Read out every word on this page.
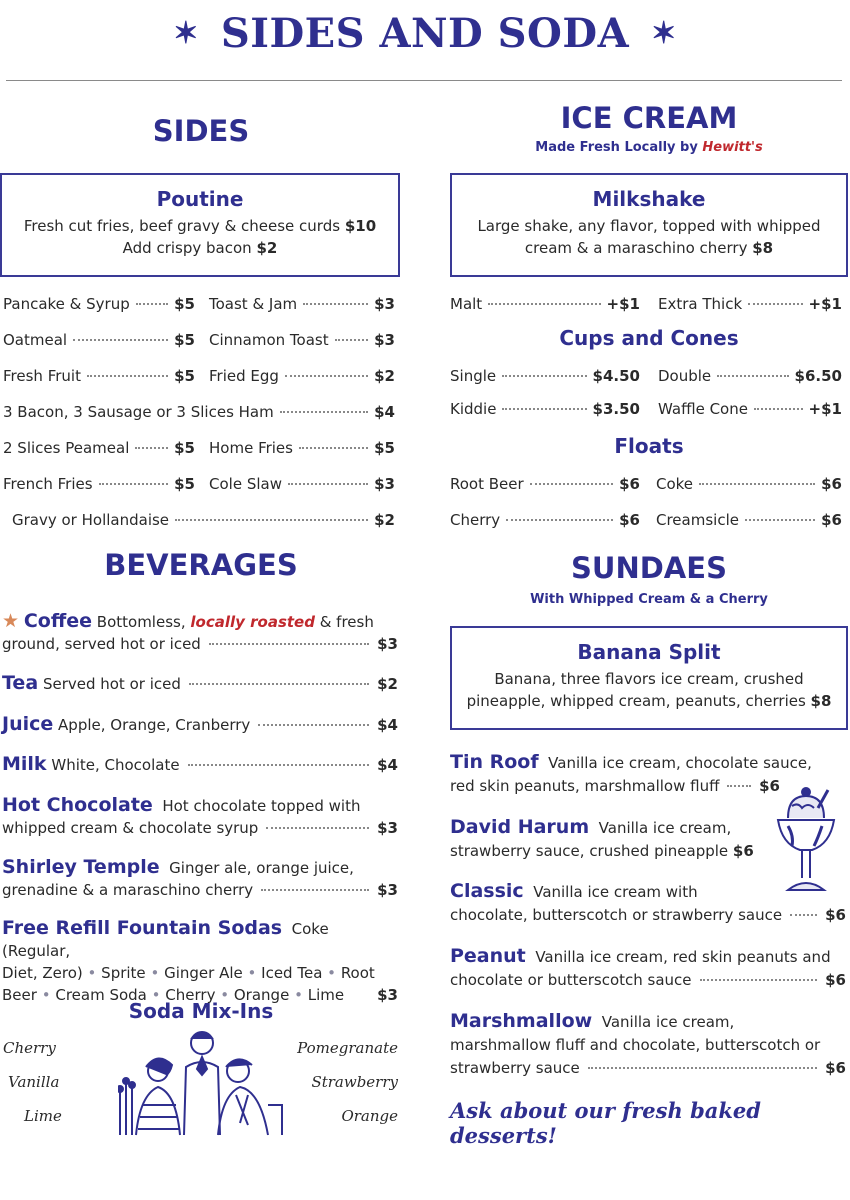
✶ SIDES AND SODA ✶
SIDES
Poutine
Fresh cut fries, beef gravy & cheese curds $10
Add crispy bacon $2
Pancake & Syrup	$5 Toast & Jam	$3
Oatmeal	$5 Cinnamon Toast	$3
Fresh Fruit	$5 Fried Egg	$2
3 Bacon, 3 Sausage or 3 Slices Ham	$4
2 Slices Peameal	$5 Home Fries	$5
French Fries	$5 Cole Slaw	$3
Gravy or Hollandaise	$2
BEVERAGES
★ Coffee Bottomless, locally roasted & fresh
ground, served hot or iced	$3
Tea
Served hot or iced	$2
Juice
Apple, Orange, Cranberry	$4
Milk
White, Chocolate	$4
Hot Chocolate Hot chocolate topped with
whipped cream & chocolate syrup	$3
Shirley Temple Ginger ale, orange juice,
grenadine & a maraschino cherry	$3
Free Refill Fountain Sodas Coke (Regular,
Diet, Zero) • Sprite • Ginger Ale • Iced Tea • Root
Beer • Cream Soda • Cherry • Orange • Lime $3
Soda Mix-Ins
Cherry
Vanilla
Lime
Pomegranate
Strawberry
Orange
ICE CREAM
Made Fresh Locally by Hewitt's
Milkshake
Large shake, any flavor, topped with whipped
cream & a maraschino cherry $8
Malt	+$1 Extra Thick	+$1
Cups and Cones
Single	$4.50 Double	$6.50
Kiddie	$3.50 Waffle Cone	+$1
Floats
Root Beer	$6 Coke	$6
Cherry	$6 Creamsicle	$6
SUNDAES
With Whipped Cream & a Cherry
Banana Split
Banana, three flavors ice cream, crushed
pineapple, whipped cream, peanuts, cherries $8
Tin Roof Vanilla ice cream, chocolate sauce,
red skin peanuts, marshmallow fluff	$6
David Harum Vanilla ice cream,
strawberry sauce, crushed pineapple $6
Classic Vanilla ice cream with
chocolate, butterscotch or strawberry sauce	$6
Peanut Vanilla ice cream, red skin peanuts and
chocolate or butterscotch sauce	$6
Marshmallow Vanilla ice cream,
marshmallow fluff and chocolate, butterscotch or
strawberry sauce	$6
Ask about our fresh baked desserts!
